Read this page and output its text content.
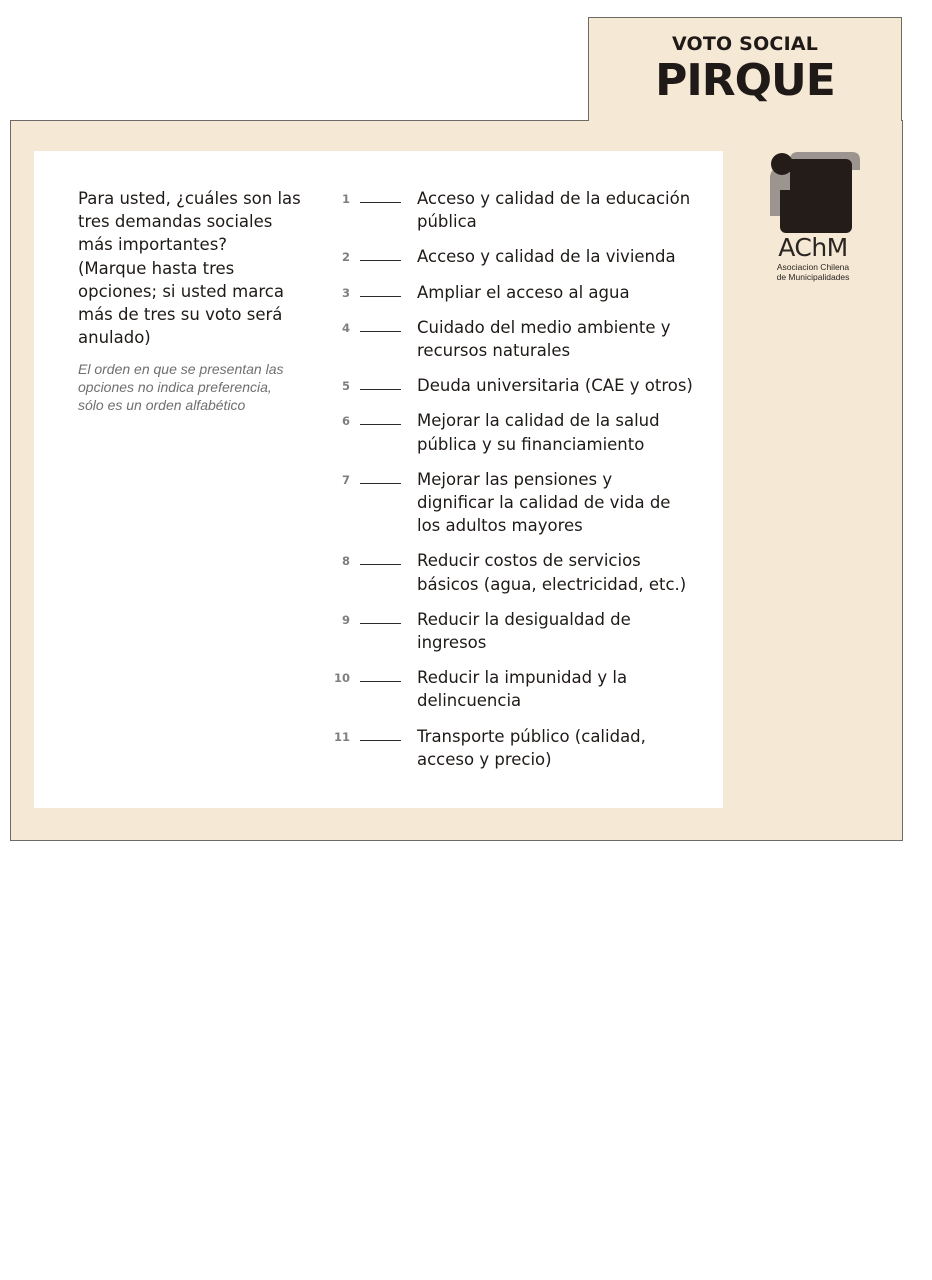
VOTO SOCIAL
PIRQUE
Para usted, ¿cuáles son las
tres demandas sociales
más importantes?
(Marque hasta tres
opciones; si usted marca
más de tres su voto será
anulado)
El orden en que se presentan las
opciones no indica preferencia,
sólo es un orden alfabético
1	Acceso y calidad de la educación
pública
2	Acceso y calidad de la vivienda
3	Ampliar el acceso al agua
4	Cuidado del medio ambiente y
recursos naturales
5	Deuda universitaria (CAE y otros)
6	Mejorar la calidad de la salud
pública y su financiamiento
7	Mejorar las pensiones y
dignificar la calidad de vida de
los adultos mayores
8	Reducir costos de servicios
básicos (agua, electricidad, etc.)
9	Reducir la desigualdad de
ingresos
10	Reducir la impunidad y la
delincuencia
11	Transporte público (calidad,
acceso y precio)
AChM
Asociacion Chilena
de Municipalidades
